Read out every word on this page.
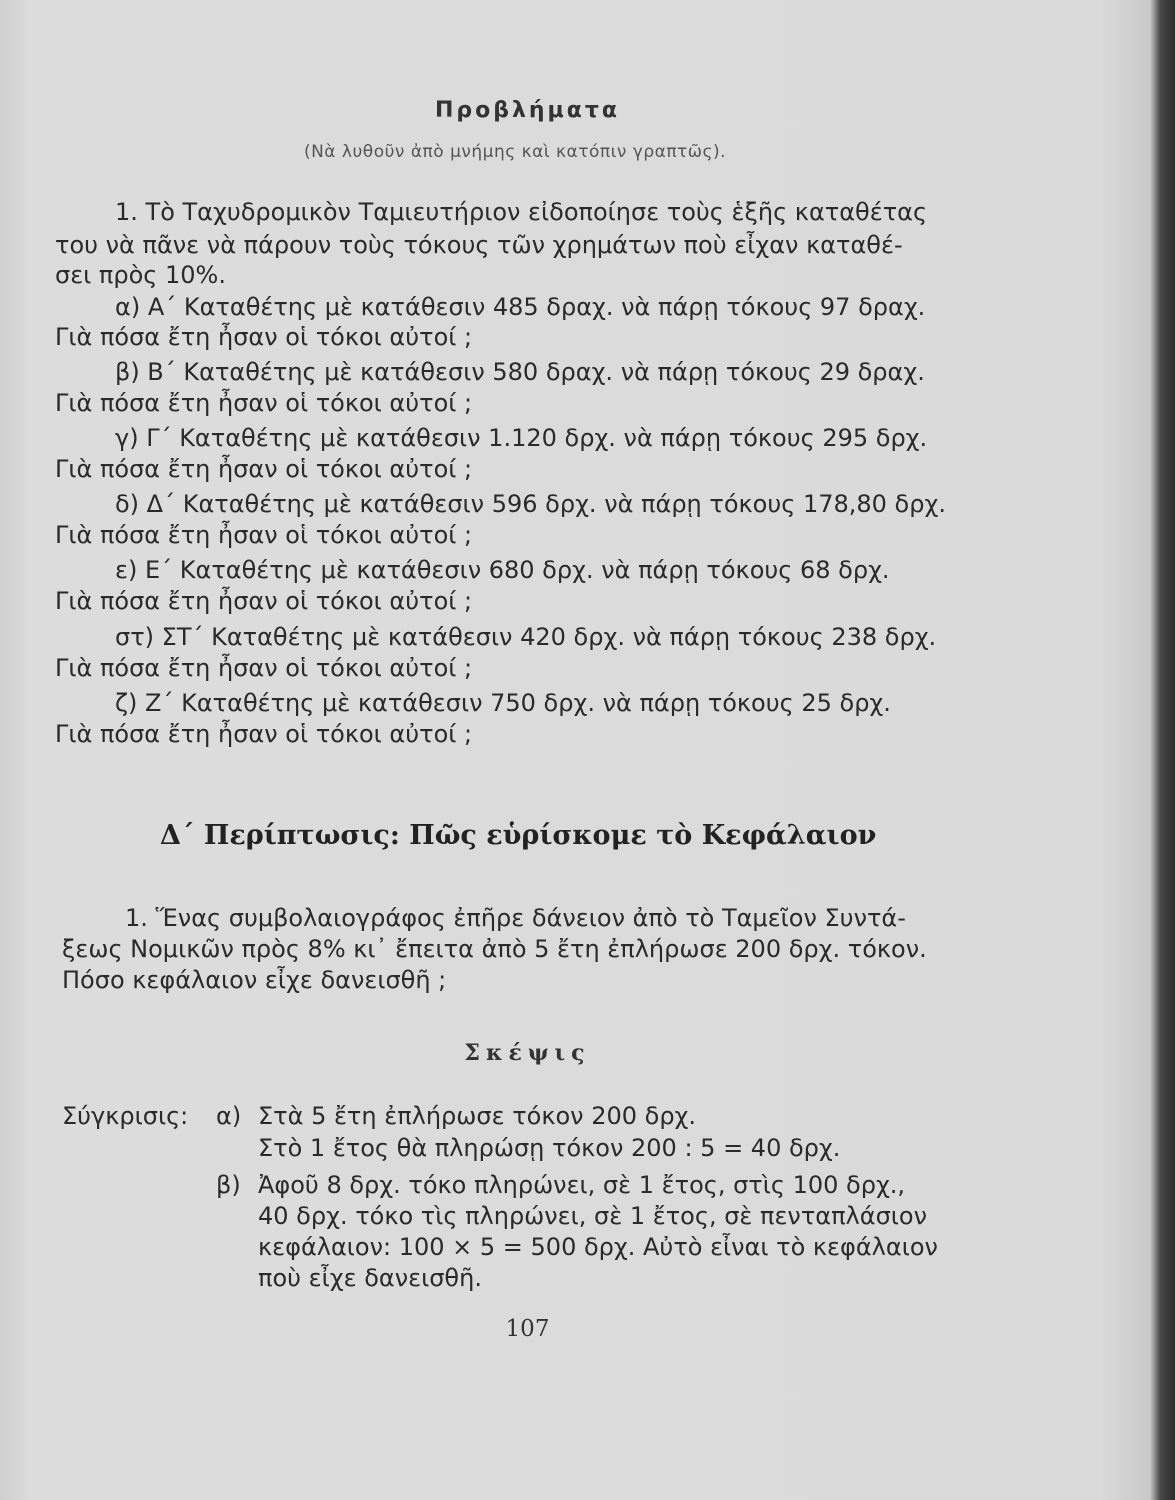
Προβλήματα
(Νὰ λυθοῦν ἀπὸ μνήμης καὶ κατόπιν γραπτῶς).
1. Τὸ Ταχυδρομικὸν Ταμιευτήριον εἰδοποίησε τοὺς ἑξῆς καταθέτας
του νὰ πᾶνε νὰ πάρουν τοὺς τόκους τῶν χρημάτων ποὺ εἶχαν καταθέ-
σει πρὸς 10%.
α) Α΄ Καταθέτης μὲ κατάθεσιν 485 δραχ. νὰ πάρῃ τόκους 97 δραχ.
Γιὰ πόσα ἔτη ἦσαν οἱ τόκοι αὐτοί ;
β) Β΄ Καταθέτης μὲ κατάθεσιν 580 δραχ. νὰ πάρῃ τόκους 29 δραχ.
Γιὰ πόσα ἔτη ἦσαν οἱ τόκοι αὐτοί ;
γ) Γ΄ Καταθέτης μὲ κατάθεσιν 1.120 δρχ. νὰ πάρῃ τόκους 295 δρχ.
Γιὰ πόσα ἔτη ἦσαν οἱ τόκοι αὐτοί ;
δ) Δ΄ Καταθέτης μὲ κατάθεσιν 596 δρχ. νὰ πάρῃ τόκους 178,80 δρχ.
Γιὰ πόσα ἔτη ἦσαν οἱ τόκοι αὐτοί ;
ε) Ε΄ Καταθέτης μὲ κατάθεσιν 680 δρχ. νὰ πάρῃ τόκους 68 δρχ.
Γιὰ πόσα ἔτη ἦσαν οἱ τόκοι αὐτοί ;
στ) ΣΤ΄ Καταθέτης μὲ κατάθεσιν 420 δρχ. νὰ πάρῃ τόκους 238 δρχ.
Γιὰ πόσα ἔτη ἦσαν οἱ τόκοι αὐτοί ;
ζ) Ζ΄ Καταθέτης μὲ κατάθεσιν 750 δρχ. νὰ πάρῃ τόκους 25 δρχ.
Γιὰ πόσα ἔτη ἦσαν οἱ τόκοι αὐτοί ;
Δ΄ Περίπτωσις: Πῶς εὑρίσκομε τὸ Κεφάλαιον
1. Ἕνας συμβολαιογράφος ἐπῆρε δάνειον ἀπὸ τὸ Ταμεῖον Συντά-
ξεως Νομικῶν πρὸς 8% κι᾽ ἔπειτα ἀπὸ 5 ἔτη ἐπλήρωσε 200 δρχ. τόκον.
Πόσο κεφάλαιον εἶχε δανεισθῆ ;
Σκέψις
Σύγκρισις: α) Στὰ 5 ἔτη ἐπλήρωσε τόκον 200 δρχ.
Στὸ 1 ἔτος θὰ πληρώσῃ τόκον 200 : 5 = 40 δρχ.
β) Ἀφοῦ 8 δρχ. τόκο πληρώνει, σὲ 1 ἔτος, στὶς 100 δρχ.,
40 δρχ. τόκο τὶς πληρώνει, σὲ 1 ἔτος, σὲ πενταπλάσιον
κεφάλαιον: 100 × 5 = 500 δρχ. Αὐτὸ εἶναι τὸ κεφάλαιον
ποὺ εἶχε δανεισθῆ.
107
